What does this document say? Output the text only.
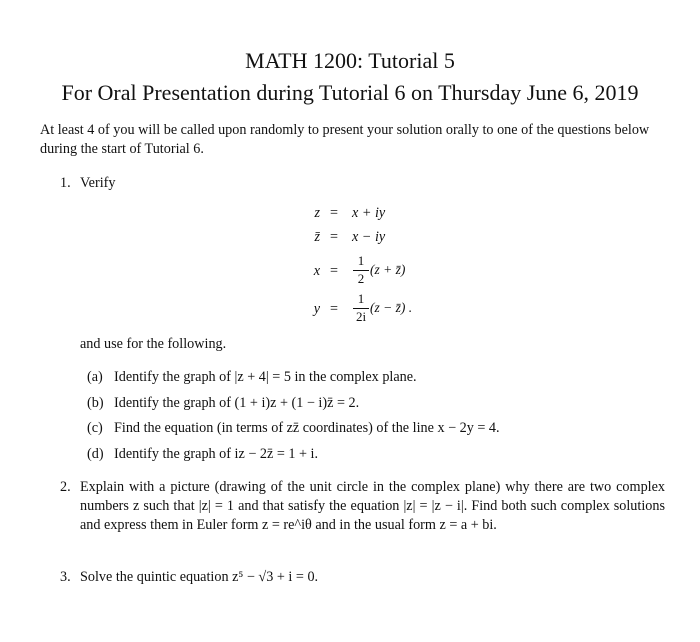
MATH 1200: Tutorial 5
For Oral Presentation during Tutorial 6 on Thursday June 6, 2019
At least 4 of you will be called upon randomly to present your solution orally to one of the questions below during the start of Tutorial 6.
1. Verify
z = x + iy
z̄ = x − iy
x =
1
2
(z + z̄)
y =
1
2i
(z − z̄) .
and use for the following.
(a) Identify the graph of |z + 4| = 5 in the complex plane.
(b) Identify the graph of (1 + i)z + (1 − i)z̄ = 2.
(c) Find the equation (in terms of zz̄ coordinates) of the line x − 2y = 4.
(d) Identify the graph of iz − 2z̄ = 1 + i.
2. Explain with a picture (drawing of the unit circle in the complex plane) why there are two complex numbers z such that |z| = 1 and that satisfy the equation |z| = |z − i|. Find both such complex solutions and express them in Euler form z = re^iθ and in the usual form z = a + bi.
3. Solve the quintic equation z⁵ − √3 + i = 0.
